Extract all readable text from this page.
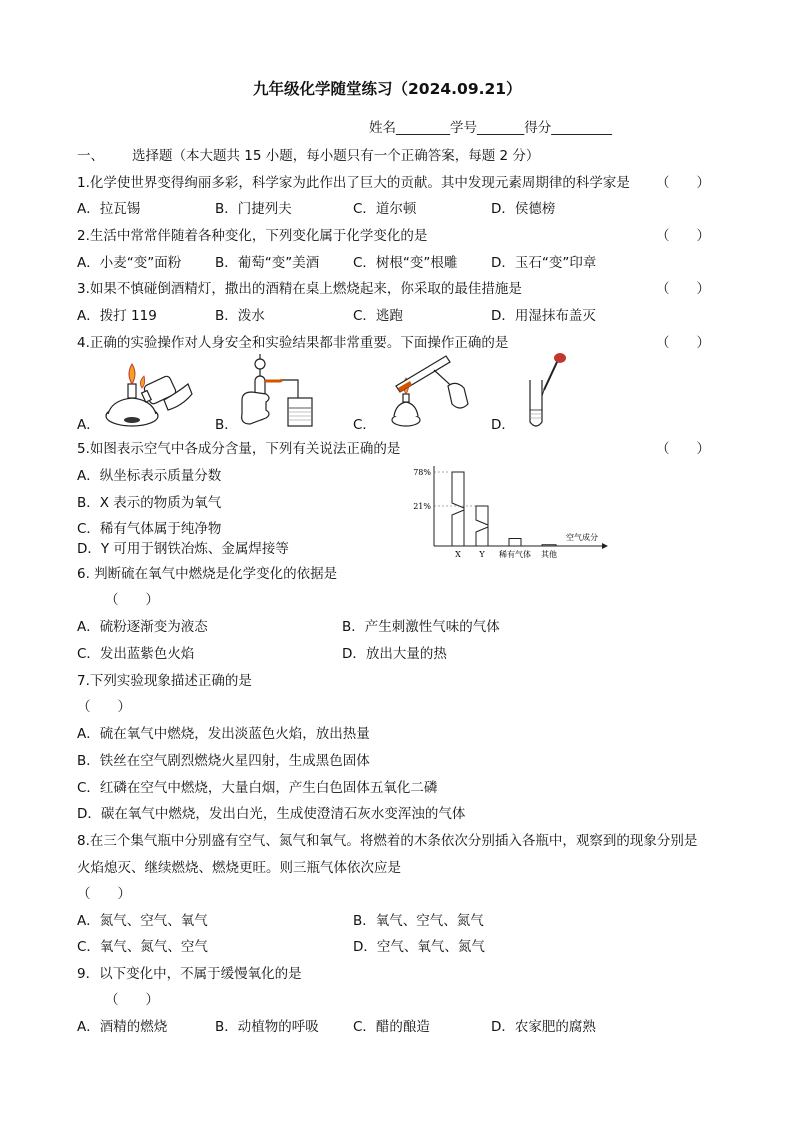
九年级化学随堂练习（2024.09.21）
姓名________学号_______得分_________
一、 选择题（本大题共 15 小题，每小题只有一个正确答案，每题 2 分）
1.化学使世界变得绚丽多彩，科学家为此作出了巨大的贡献。其中发现元素周期律的科学家是 （　　）
A．拉瓦锡	B．门捷列夫	C．道尔顿	D．侯德榜
2.生活中常常伴随着各种变化，下列变化属于化学变化的是	（　　）
A．小麦“变”面粉	B．葡萄“变”美酒	C．树根“变”根雕 D．玉石“变”印章
3.如果不慎碰倒酒精灯，撒出的酒精在桌上燃烧起来，你采取的最佳措施是	（　　）
A．拨打 119	B．泼水	C．逃跑	D．用湿抹布盖灭
4.正确的实验操作对人身安全和实验结果都非常重要。下面操作正确的是	（　　）
A．	B．	C．	D．
5.如图表示空气中各成分含量，下列有关说法正确的是	（　　）
A．纵坐标表示质量分数
B．X 表示的物质为氧气
C．稀有气体属于纯净物
D．Y 可用于钢铁冶炼、金属焊接等
78%
21%
X Y 稀有气体 其他
空气成分
6. 判断硫在氧气中燃烧是化学变化的依据是
（　　）
A．硫粉逐渐变为液态	B．产生刺激性气味的气体
C．发出蓝紫色火焰	D．放出大量的热
7.下列实验现象描述正确的是
（　　）
A．硫在氧气中燃烧，发出淡蓝色火焰，放出热量
B．铁丝在空气剧烈燃烧火星四射，生成黑色固体
C．红磷在空气中燃烧，大量白烟，产生白色固体五氧化二磷
D．碳在氧气中燃烧，发出白光，生成使澄清石灰水变浑浊的气体
8.在三个集气瓶中分别盛有空气、氮气和氧气。将燃着的木条依次分别插入各瓶中，观察到的现象分别是
火焰熄灭、继续燃烧、燃烧更旺。则三瓶气体依次应是
（　　）
A．氮气、空气、氧气	B．氧气、空气、氮气
C．氧气、氮气、空气	D．空气、氧气、氮气
9．以下变化中，不属于缓慢氧化的是
（　　）
A．酒精的燃烧	B．动植物的呼吸	C．醋的酿造	D．农家肥的腐熟
